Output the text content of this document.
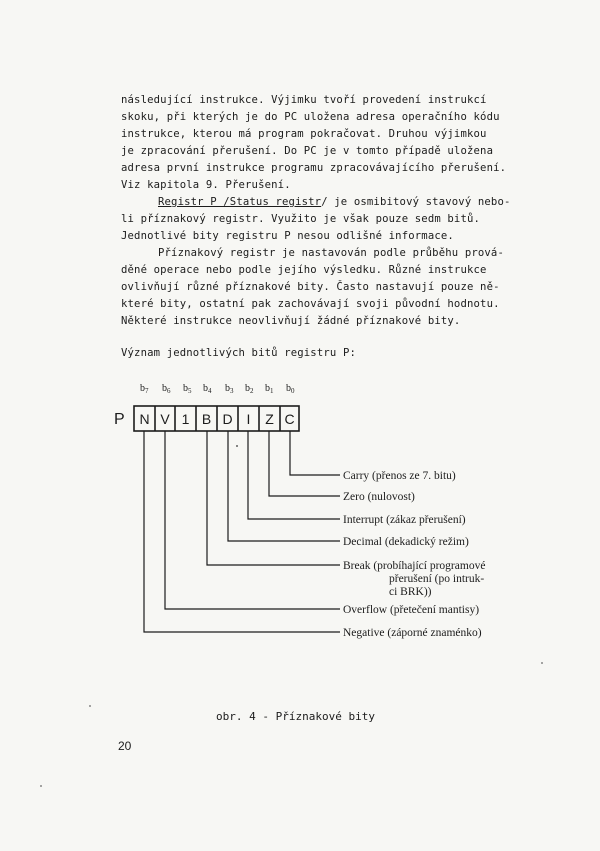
následující instrukce. Výjimku tvoří provedení instrukcí
skoku, při kterých je do PC uložena adresa operačního kódu
instrukce, kterou má program pokračovat. Druhou výjimkou
je zpracování přerušení. Do PC je v tomto případě uložena
adresa první instrukce programu zpracovávajícího přerušení.
Viz kapitola 9. Přerušení.
Registr P /Status registr/ je osmibitový stavový nebo-
li příznakový registr. Využito je však pouze sedm bitů.
Jednotlivé bity registru P nesou odlišné informace.
Příznakový registr je nastavován podle průběhu prová-
děné operace nebo podle jejího výsledku. Různé instrukce
ovlivňují různé příznakové bity. Často nastavují pouze ně-
které bity, ostatní pak zachovávají svoji původní hodnotu.
Některé instrukce neovlivňují žádné příznakové bity.
Význam jednotlivých bitů registru P:
$b_7$ $b_6$ $b_5$ $b_4$ $b_3$ $b_2$ $b_1$ $b_0$
P N V 1 B D I Z C
Carry (přenos ze 7. bitu)
Zero (nulovost)
Interrupt (zákaz přerušení)
Decimal (dekadický režim)
Break (probíhající programové
přerušení (po intruk-
ci BRK))
Overflow (přetečení mantisy)
Negative (záporné znaménko)
obr. 4 - Příznakové bity
20
